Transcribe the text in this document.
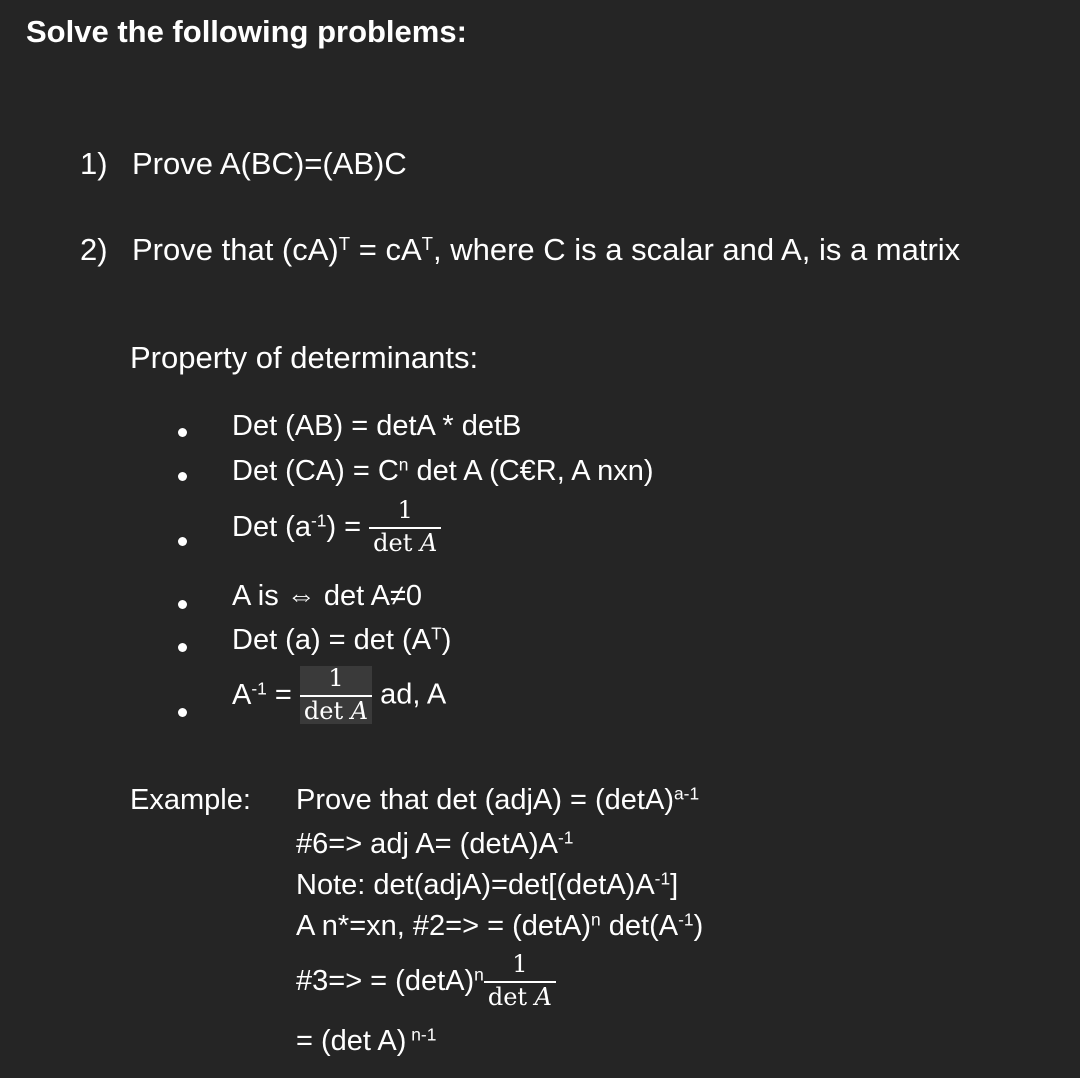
Solve the following problems:
1) Prove A(BC)=(AB)C
2) Prove that $(cA)^T = cA^T$, where C is a scalar and A, is a matrix
Property of determinants:
Det (AB) = detA * detB
Det $(CA) = C^n$ det A (C€R, A nxn)
Det $(a^{-1}) = \frac{1}{\text{det A}}$
A is ⇔ det A≠0
Det $(a) = \det (A^T)$
$A^{-1} = \frac{1}{\text{det A}}$ ad, A
Example: Prove that det (adjA) = $(\det A)^{a-1}$
#6=> adj $A= (\det A)A^{-1}$
Note: $\det(adjA)=\det[(\det A)A^{-1}]$
A n*=xn, #2=> = $(\det A)^n$ $\det(A^{-1})$
#3=> = $(\det A)^n \frac{1}{\text{det A}}$
= (det A) $^{n-1}$
